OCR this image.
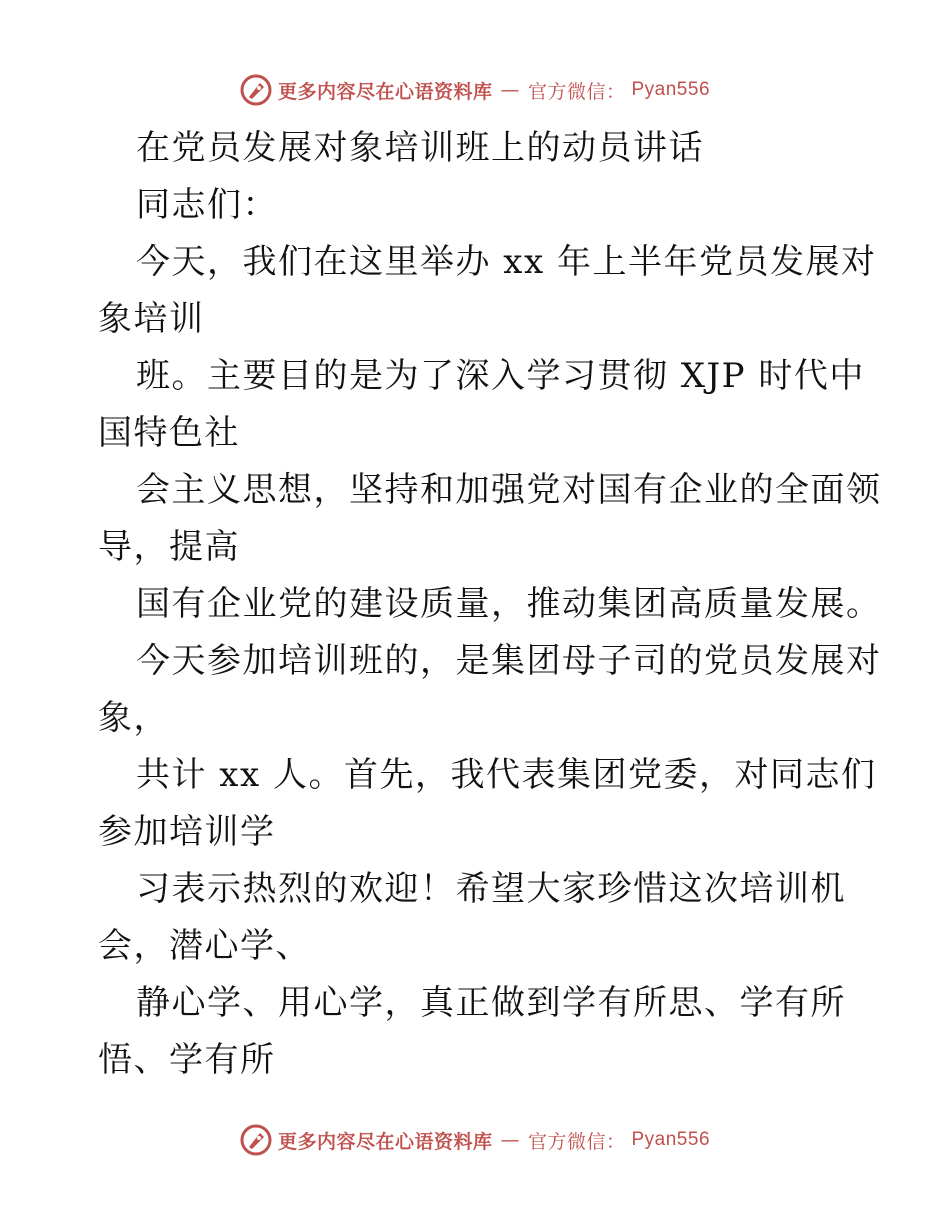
更多内容尽在心语资料库 — 官方微信： Pyan556
在党员发展对象培训班上的动员讲话
同志们：
今天，我们在这里举办 xx 年上半年党员发展对
象培训
班。主要目的是为了深入学习贯彻 XJP 时代中
国特色社
会主义思想，坚持和加强党对国有企业的全面领
导，提高
国有企业党的建设质量，推动集团高质量发展。
今天参加培训班的，是集团母子司的党员发展对
象，
共计 xx 人。首先，我代表集团党委，对同志们
参加培训学
习表示热烈的欢迎！希望大家珍惜这次培训机
会，潜心学、
静心学、用心学，真正做到学有所思、学有所
悟、学有所
更多内容尽在心语资料库 — 官方微信： Pyan556
